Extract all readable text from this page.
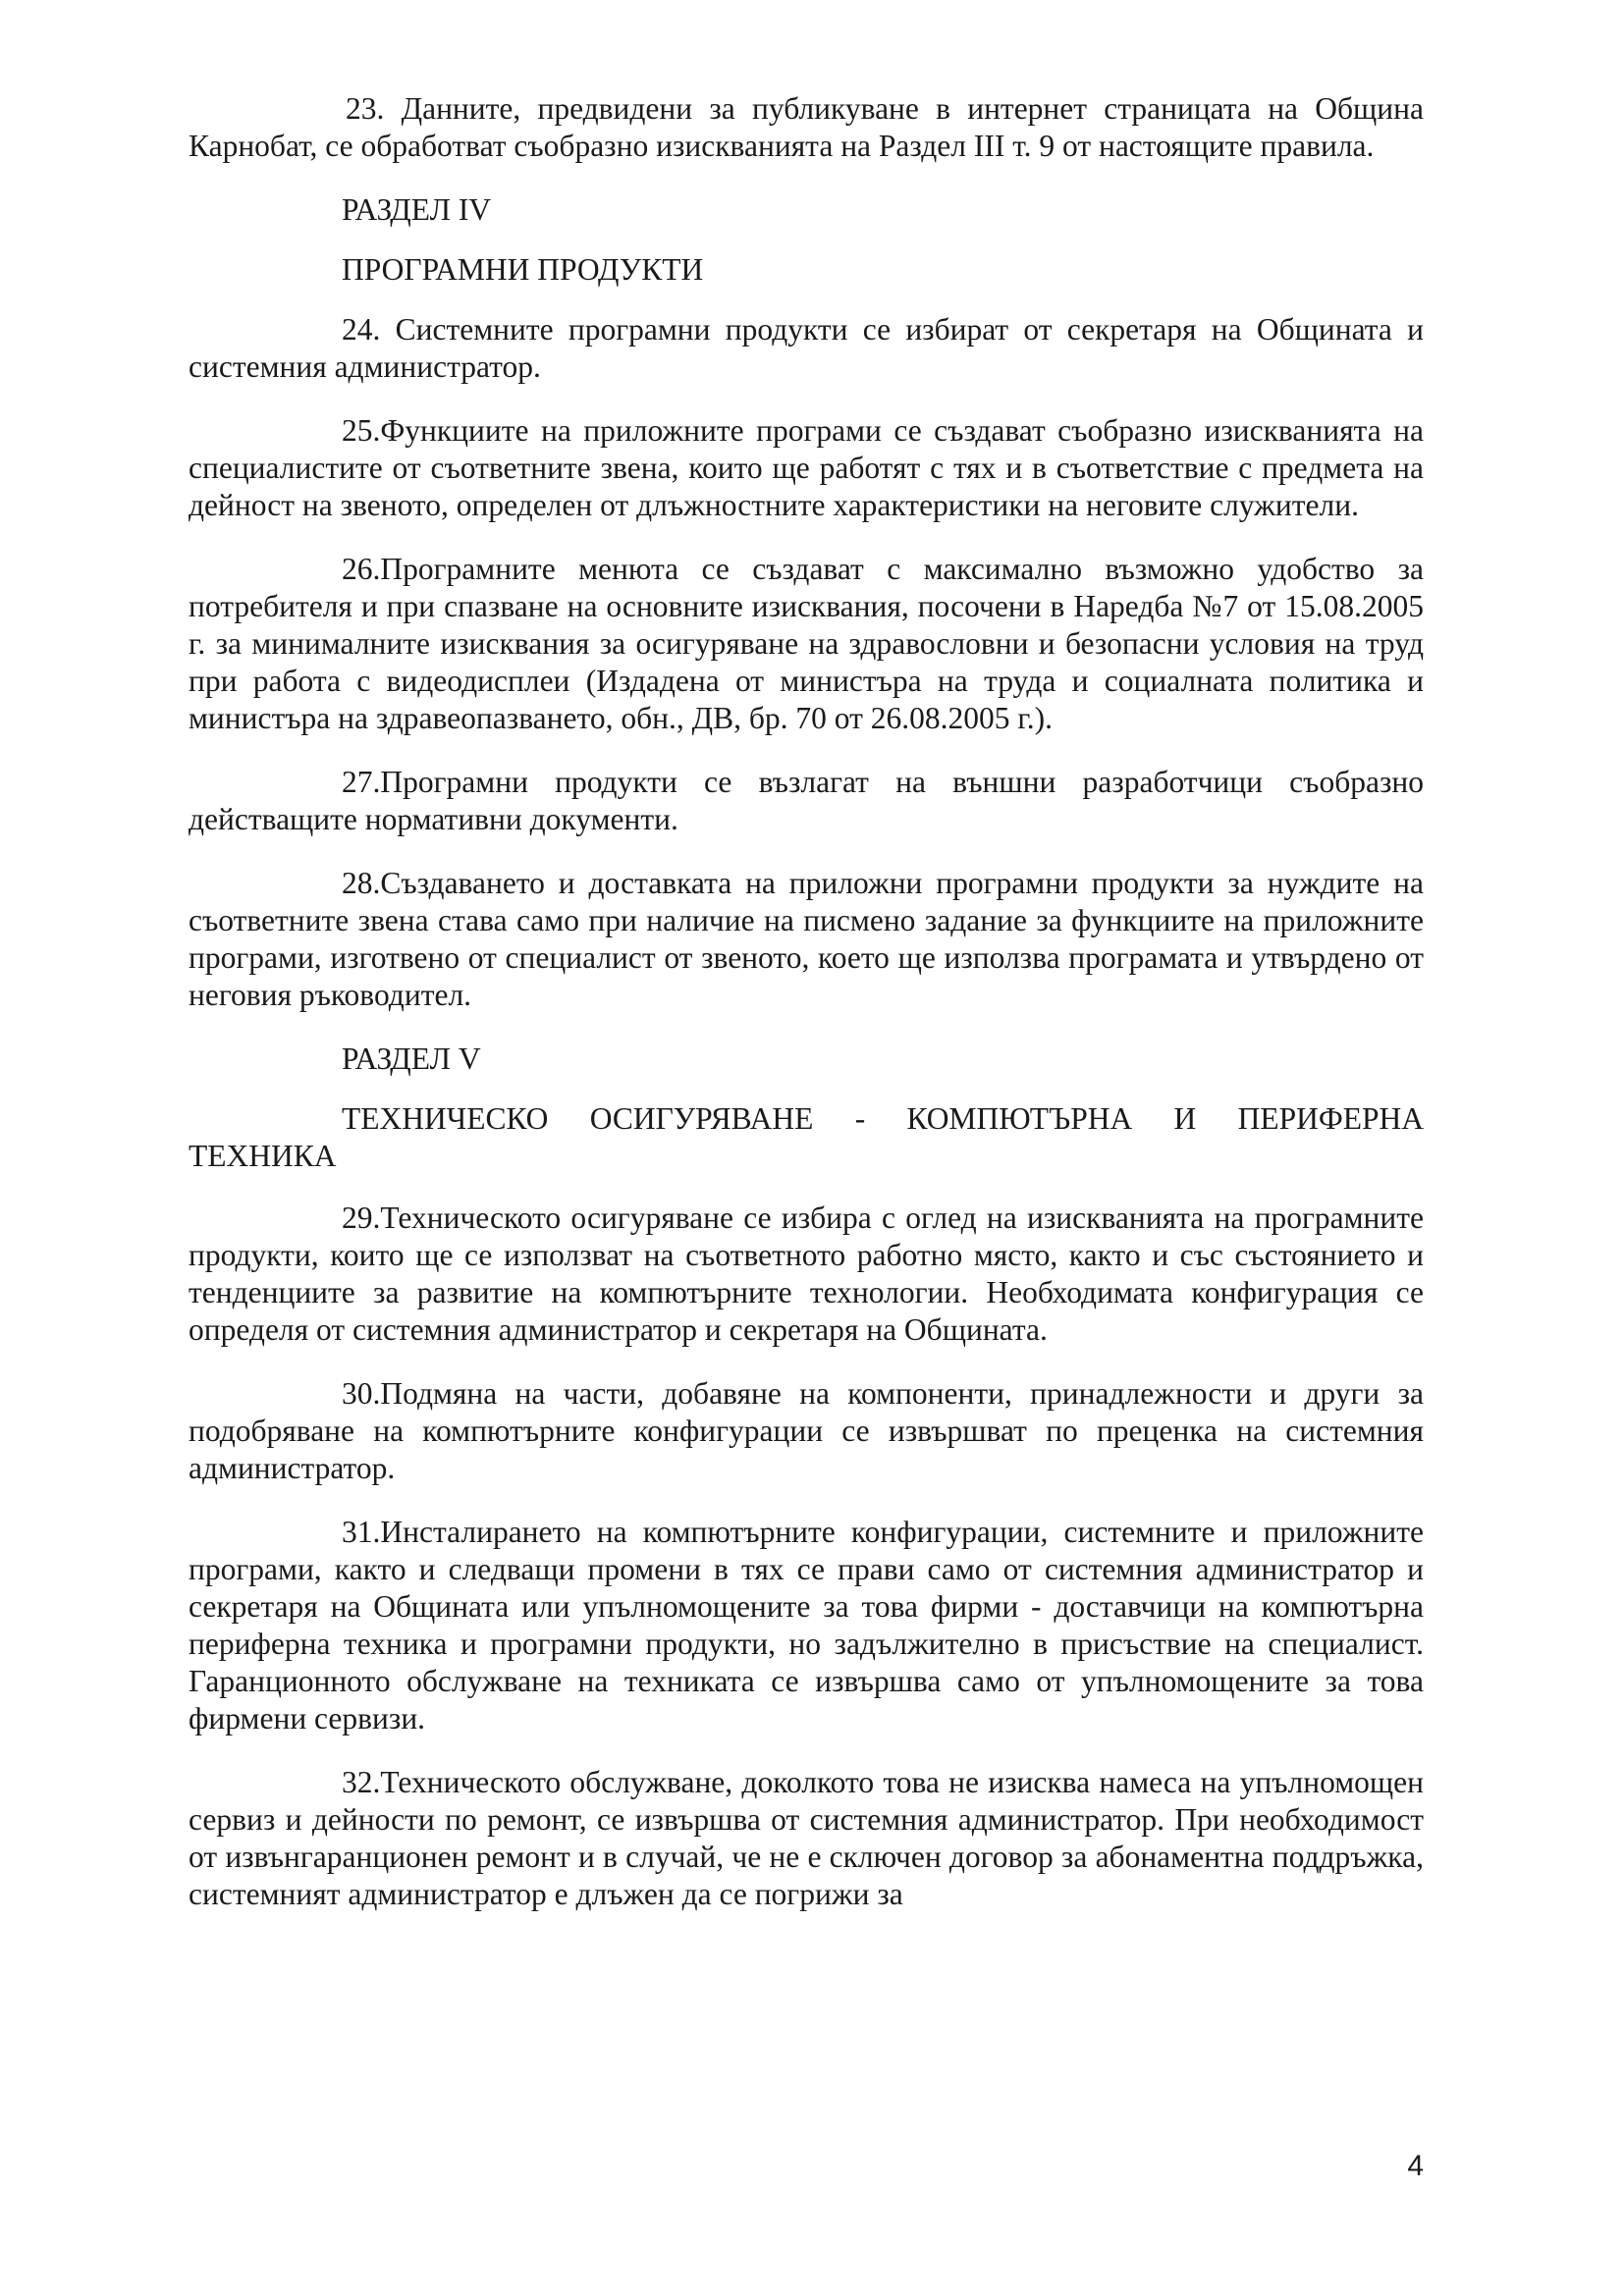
23. Данните, предвидени за публикуване в интернет страницата на Община Карнобат, се обработват съобразно изискванията на Раздел III т. 9 от настоящите правила.

РАЗДЕЛ IV

ПРОГРАМНИ ПРОДУКТИ

24. Системните програмни продукти се избират от секретаря на Общината и системния администратор.

25.Функциите на приложните програми се създават съобразно изискванията на специалистите от съответните звена, които ще работят с тях и в съответствие с предмета на дейност на звеното, определен от длъжностните характеристики на неговите служители.

26.Програмните менюта се създават с максимално възможно удобство за потребителя и при спазване на основните изисквания, посочени в Наредба №7 от 15.08.2005 г. за минималните изисквания за осигуряване на здравословни и безопасни условия на труд при работа с видеодисплеи (Издадена от министъра на труда и социалната политика и министъра на здравеопазването, обн., ДВ, бр. 70 от 26.08.2005 г.).

27.Програмни продукти се възлагат на външни разработчици съобразно действащите нормативни документи.

28.Създаването и доставката на приложни програмни продукти за нуждите на съответните звена става само при наличие на писмено задание за функциите на приложните програми, изготвено от специалист от звеното, което ще използва програмата и утвърдено от неговия ръководител.

РАЗДЕЛ V

ТЕХНИЧЕСКО ОСИГУРЯВАНЕ - КОМПЮТЪРНА И ПЕРИФЕРНА ТЕХНИКА

29.Техническото осигуряване се избира с оглед на изискванията на програмните продукти, които ще се използват на съответното работно място, както и със състоянието и тенденциите за развитие на компютърните технологии. Необходимата конфигурация се определя от системния администратор и секретаря на Общината.

30.Подмяна на части, добавяне на компоненти, принадлежности и други за подобряване на компютърните конфигурации се извършват по преценка на системния администратор.

31.Инсталирането на компютърните конфигурации, системните и приложните програми, както и следващи промени в тях се прави само от системния администратор и секретаря на Общината или упълномощените за това фирми - доставчици на компютърна периферна техника и програмни продукти, но задължително в присъствие на специалист. Гаранционното обслужване на техниката се извършва само от упълномощените за това фирмени сервизи.

32.Техническото обслужване, доколкото това не изисква намеса на упълномощен сервиз и дейности по ремонт, се извършва от системния администратор. При необходимост от извънгаранционен ремонт и в случай, че не е сключен договор за абонаментна поддръжка, системният администратор е длъжен да се погрижи за

4
